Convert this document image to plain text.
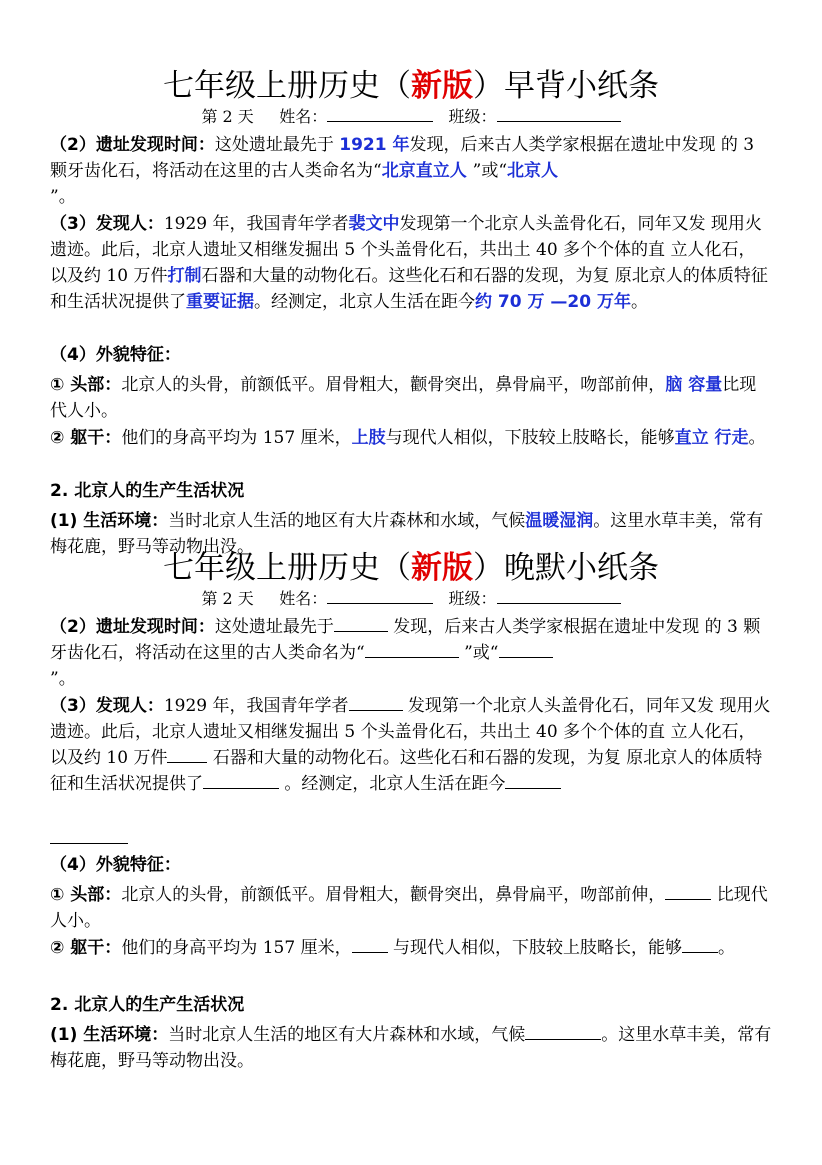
七年级上册历史（新版）早背小纸条
第 2 天 姓名：	班级：
（2）遗址发现时间：这处遗址最先于 1921 年发现，后来古人类学家根据在遗址中发现 的 3 颗牙齿化石，将活动在这里的古人类命名为“北京直立人 ”或“北京人
”。
（3）发现人：1929 年，我国青年学者裴文中发现第一个北京人头盖骨化石，同年又发 现用火遗迹。此后，北京人遗址又相继发掘出 5 个头盖骨化石，共出土 40 多个个体的直 立人化石，以及约 10 万件打制石器和大量的动物化石。这些化石和石器的发现，为复 原北京人的体质特征和生活状况提供了重要证据。经测定，北京人生活在距今约 70 万 —20 万年。
（4）外貌特征：
① 头部：北京人的头骨，前额低平。眉骨粗大，颧骨突出，鼻骨扁平，吻部前伸，脑 容量比现代人小。
② 躯干：他们的身高平均为 157 厘米，上肢与现代人相似，下肢较上肢略长，能够直立 行走。
2. 北京人的生产生活状况
(1) 生活环境：当时北京人生活的地区有大片森林和水域，气候温暖湿润。这里水草丰美，常有梅花鹿，野马等动物出没。
七年级上册历史（新版）晚默小纸条
第 2 天 姓名：	班级：
（2）遗址发现时间：这处遗址最先于	发现，后来古人类学家根据在遗址中发现 的 3 颗牙齿化石，将活动在这里的古人类命名为“	”或“
”。
（3）发现人：1929 年，我国青年学者	发现第一个北京人头盖骨化石，同年又发 现用火遗迹。此后，北京人遗址又相继发掘出 5 个头盖骨化石，共出土 40 多个个体的直 立人化石，以及约 10 万件 石器和大量的动物化石。这些化石和石器的发现，为复 原北京人的体质特征和生活状况提供了	。经测定，北京人生活在距今
（4）外貌特征：
① 头部：北京人的头骨，前额低平。眉骨粗大，颧骨突出，鼻骨扁平，吻部前伸，	比现代人小。
② 躯干：他们的身高平均为 157 厘米， 与现代人相似，下肢较上肢略长，能够 。
2. 北京人的生产生活状况
(1) 生活环境：当时北京人生活的地区有大片森林和水域，气候	。这里水草丰美，常有梅花鹿，野马等动物出没。
